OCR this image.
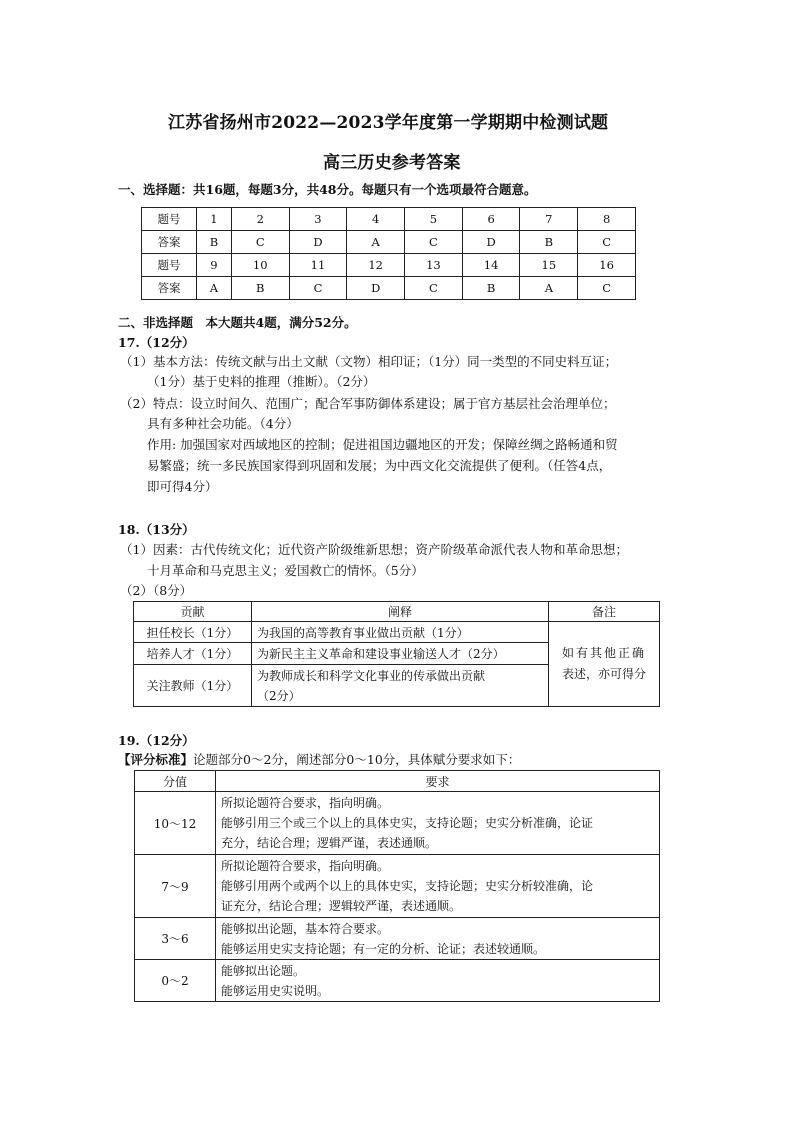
江苏省扬州市2022—2023学年度第一学期期中检测试题
高三历史参考答案
一、选择题：共16题，每题3分，共48分。每题只有一个选项最符合题意。
题号	1	2	3	4	5	6	7	8
答案	B	C	D	A	C	D	B	C
题号	9	10	11	12	13	14	15	16
答案	A	B	C	D	C	B	A	C
二、非选择题　本大题共4题，满分52分。
17.（12分）
（1）基本方法：传统文献与出土文献（文物）相印证；（1分）同一类型的不同史料互证；
（1分）基于史料的推理（推断）。（2分）
（2）特点：设立时间久、范围广；配合军事防御体系建设；属于官方基层社会治理单位；
具有多种社会功能。（4分）
作用: 加强国家对西域地区的控制；促进祖国边疆地区的开发；保障丝绸之路畅通和贸
易繁盛；统一多民族国家得到巩固和发展；为中西文化交流提供了便利。（任答4点，
即可得4分）
18.（13分）
（1）因素：古代传统文化；近代资产阶级维新思想；资产阶级革命派代表人物和革命思想；
十月革命和马克思主义；爱国救亡的情怀。（5分）
（2）（8分）
贡献	阐释	备注
担任校长（1分）	为我国的高等教育事业做出贡献（1分）	如有其他正确
表述，亦可得分

培养人才（1分）	为新民主主义革命和建设事业输送人才（2分）	
关注教师（1分）	为教师成长和科学文化事业的传承做出贡献
（2分）	
19.（12分）
【评分标准】论题部分0～2分，阐述部分0～10分，具体赋分要求如下：
分值	要求
10～12	所拟论题符合要求，指向明确。
能够引用三个或三个以上的具体史实，支持论题；史实分析准确，论证
充分，结论合理；逻辑严谨，表述通顺。

7～9	所拟论题符合要求，指向明确。
能够引用两个或两个以上的具体史实，支持论题；史实分析较准确，论
证充分，结论合理；逻辑较严谨，表述通顺。

3～6	能够拟出论题，基本符合要求。
能够运用史实支持论题；有一定的分析、论证；表述较通顺。

0～2	能够拟出论题。
能够运用史实说明。
